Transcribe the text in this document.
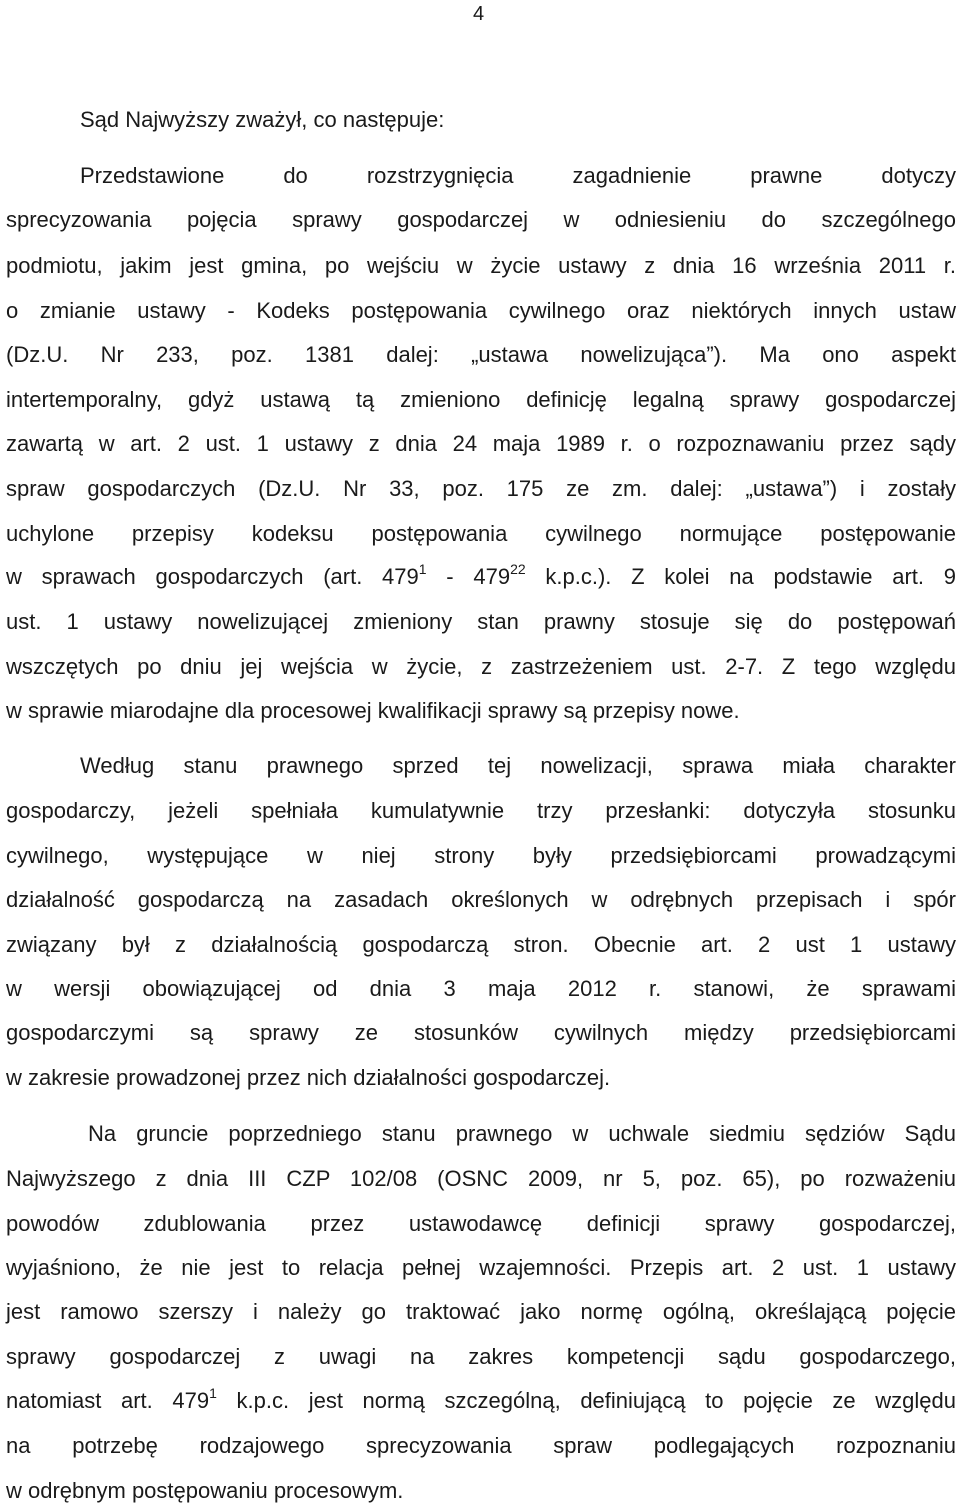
4
Sąd Najwyższy zważył, co następuje:
Przedstawione do rozstrzygnięcia zagadnienie prawne dotyczy
sprecyzowania pojęcia sprawy gospodarczej w odniesieniu do szczególnego
podmiotu, jakim jest gmina, po wejściu w życie ustawy z dnia 16 września 2011 r.
o zmianie ustawy - Kodeks postępowania cywilnego oraz niektórych innych ustaw
(Dz.U. Nr 233, poz. 1381 dalej: „ustawa nowelizująca”). Ma ono aspekt
intertemporalny, gdyż ustawą tą zmieniono definicję legalną sprawy gospodarczej
zawartą w art. 2 ust. 1 ustawy z dnia 24 maja 1989 r. o rozpoznawaniu przez sądy
spraw gospodarczych (Dz.U. Nr 33, poz. 175 ze zm. dalej: „ustawa”) i zostały
uchylone przepisy kodeksu postępowania cywilnego normujące postępowanie
w sprawach gospodarczych (art. $479^1 - 479^{22}$ k.p.c.). Z kolei na podstawie art. 9
ust. 1 ustawy nowelizującej zmieniony stan prawny stosuje się do postępowań
wszczętych po dniu jej wejścia w życie, z zastrzeżeniem ust. 2-7. Z tego względu
w sprawie miarodajne dla procesowej kwalifikacji sprawy są przepisy nowe.
Według stanu prawnego sprzed tej nowelizacji, sprawa miała charakter
gospodarczy, jeżeli spełniała kumulatywnie trzy przesłanki: dotyczyła stosunku
cywilnego, występujące w niej strony były przedsiębiorcami prowadzącymi
działalność gospodarczą na zasadach określonych w odrębnych przepisach i spór
związany był z działalnością gospodarczą stron. Obecnie art. 2 ust 1 ustawy
w wersji obowiązującej od dnia 3 maja 2012 r. stanowi, że sprawami
gospodarczymi są sprawy ze stosunków cywilnych między przedsiębiorcami
w zakresie prowadzonej przez nich działalności gospodarczej.
Na gruncie poprzedniego stanu prawnego w uchwale siedmiu sędziów Sądu
Najwyższego z dnia III CZP 102/08 (OSNC 2009, nr 5, poz. 65), po rozważeniu
powodów zdublowania przez ustawodawcę definicji sprawy gospodarczej,
wyjaśniono, że nie jest to relacja pełnej wzajemności. Przepis art. 2 ust. 1 ustawy
jest ramowo szerszy i należy go traktować jako normę ogólną, określającą pojęcie
sprawy gospodarczej z uwagi na zakres kompetencji sądu gospodarczego,
natomiast art. $479^1$ k.p.c. jest normą szczególną, definiującą to pojęcie ze względu
na potrzebę rodzajowego sprecyzowania spraw podlegających rozpoznaniu
w odrębnym postępowaniu procesowym.
